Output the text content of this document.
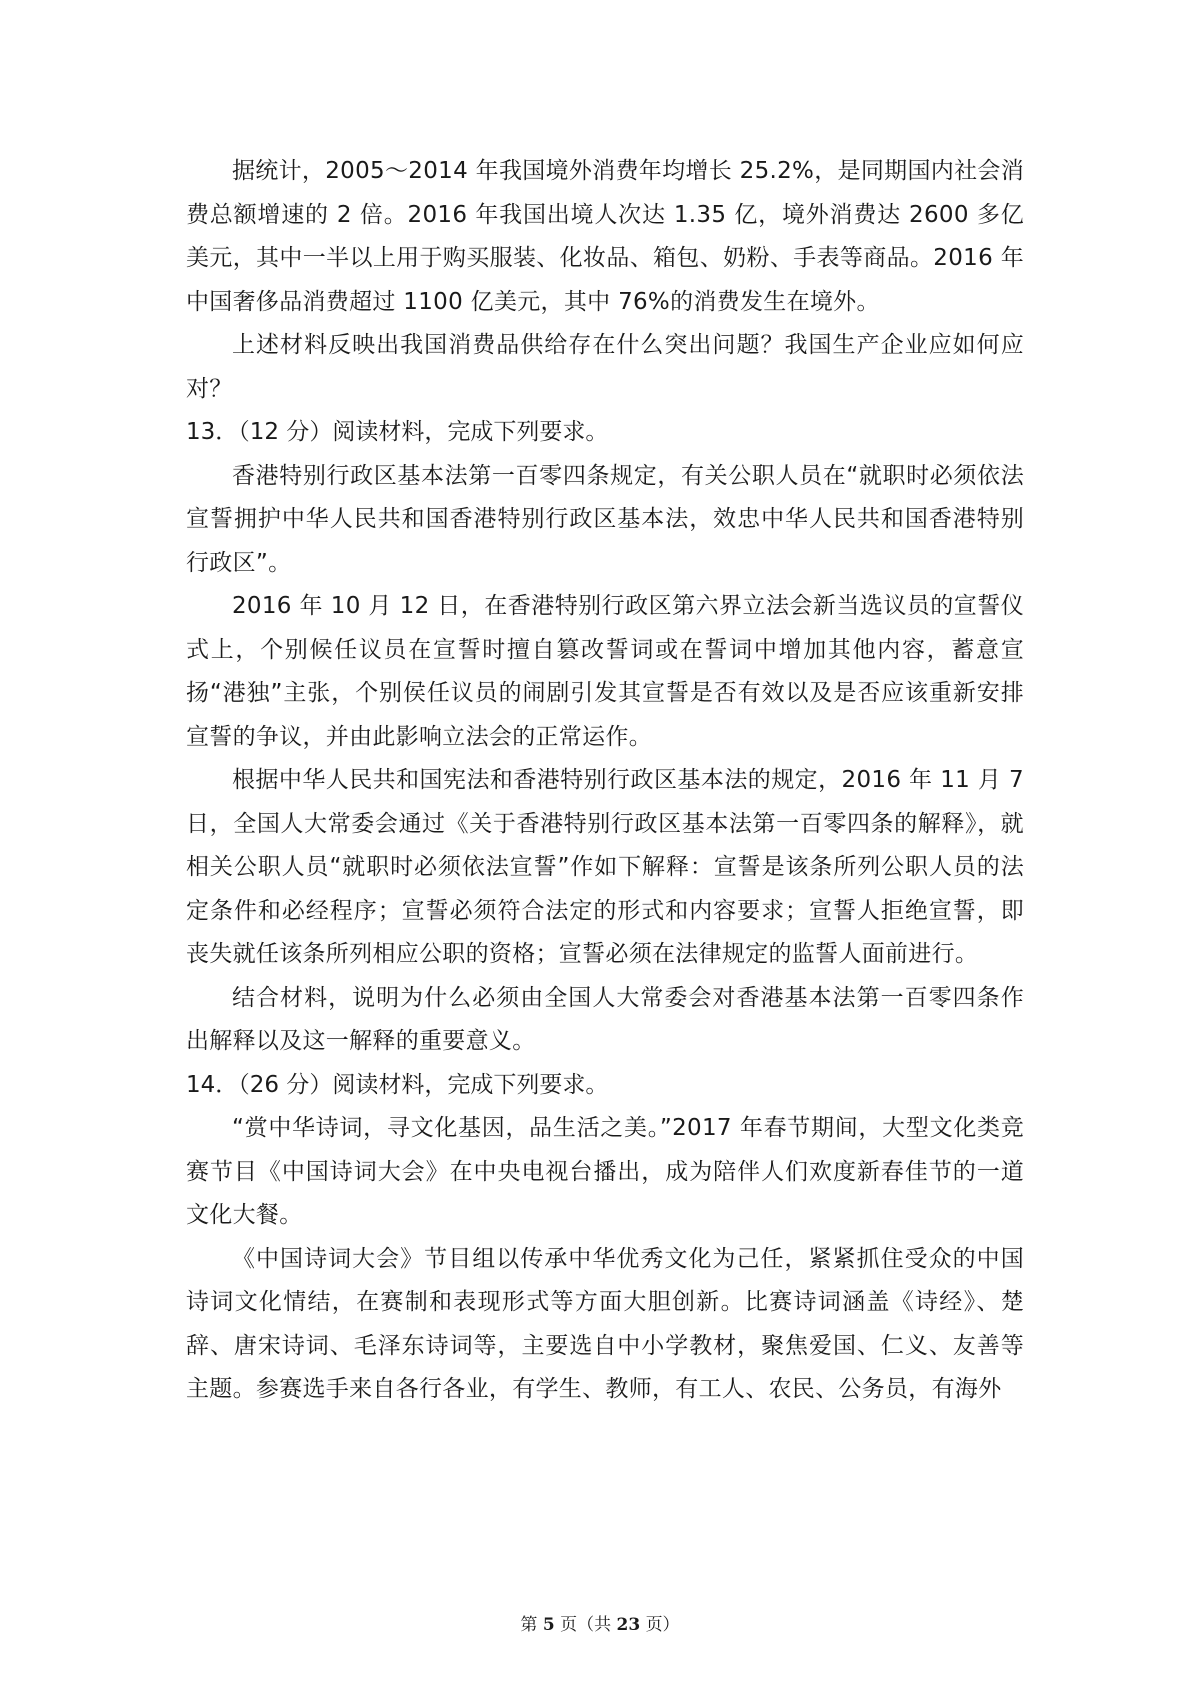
据统计，2005～2014 年我国境外消费年均增长 25.2%，是同期国内社会消费总额增速的 2 倍。2016 年我国出境人次达 1.35 亿，境外消费达 2600 多亿美元，其中一半以上用于购买服装、化妆品、箱包、奶粉、手表等商品。2016 年中国奢侈品消费超过 1100 亿美元，其中 76%的消费发生在境外。

上述材料反映出我国消费品供给存在什么突出问题？我国生产企业应如何应对？

13．（12 分）阅读材料，完成下列要求。

香港特别行政区基本法第一百零四条规定，有关公职人员在“就职时必须依法宣誓拥护中华人民共和国香港特别行政区基本法，效忠中华人民共和国香港特别行政区”。

2016 年 10 月 12 日，在香港特别行政区第六界立法会新当选议员的宣誓仪式上，个别候任议员在宣誓时擅自篡改誓词或在誓词中增加其他内容，蓄意宣扬“港独”主张，个别侯任议员的闹剧引发其宣誓是否有效以及是否应该重新安排宣誓的争议，并由此影响立法会的正常运作。

根据中华人民共和国宪法和香港特别行政区基本法的规定，2016 年 11 月 7 日，全国人大常委会通过《关于香港特别行政区基本法第一百零四条的解释》，就相关公职人员“就职时必须依法宣誓”作如下解释：宣誓是该条所列公职人员的法定条件和必经程序；宣誓必须符合法定的形式和内容要求；宣誓人拒绝宣誓，即丧失就任该条所列相应公职的资格；宣誓必须在法律规定的监誓人面前进行。

结合材料，说明为什么必须由全国人大常委会对香港基本法第一百零四条作出解释以及这一解释的重要意义。

14．（26 分）阅读材料，完成下列要求。

“赏中华诗词，寻文化基因，品生活之美。”2017 年春节期间，大型文化类竞赛节目《中国诗词大会》在中央电视台播出，成为陪伴人们欢度新春佳节的一道文化大餐。

《中国诗词大会》节目组以传承中华优秀文化为己任，紧紧抓住受众的中国诗词文化情结，在赛制和表现形式等方面大胆创新。比赛诗词涵盖《诗经》、楚辞、唐宋诗词、毛泽东诗词等，主要选自中小学教材，聚焦爱国、仁义、友善等主题。参赛选手来自各行各业，有学生、教师，有工人、农民、公务员，有海外

第 5 页（共 23 页）
